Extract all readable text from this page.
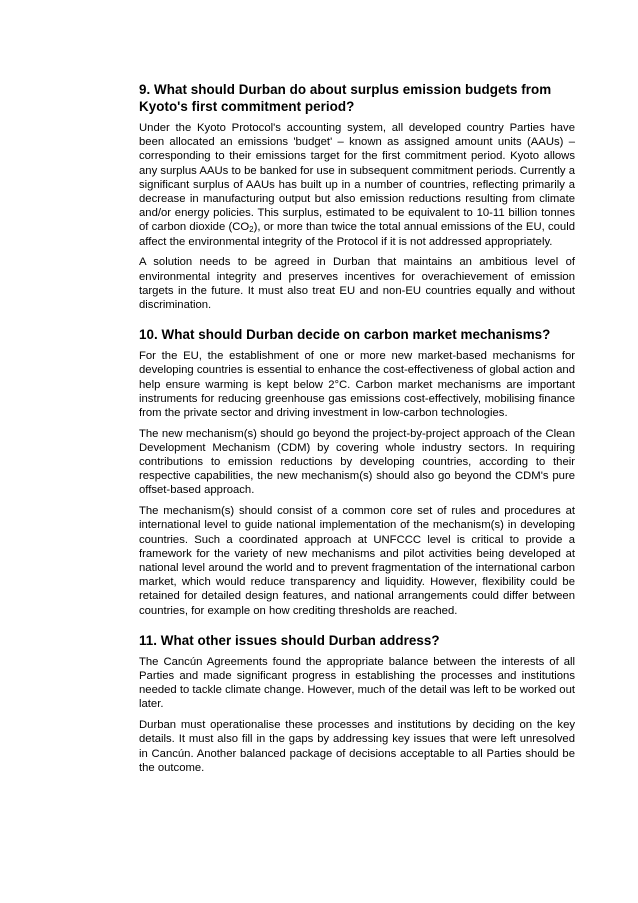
9. What should Durban do about surplus emission budgets from Kyoto's first commitment period?

Under the Kyoto Protocol's accounting system, all developed country Parties have been allocated an emissions 'budget' – known as assigned amount units (AAUs) – corresponding to their emissions target for the first commitment period. Kyoto allows any surplus AAUs to be banked for use in subsequent commitment periods. Currently a significant surplus of AAUs has built up in a number of countries, reflecting primarily a decrease in manufacturing output but also emission reductions resulting from climate and/or energy policies. This surplus, estimated to be equivalent to 10-11 billion tonnes of carbon dioxide $(CO_2)$, or more than twice the total annual emissions of the EU, could affect the environmental integrity of the Protocol if it is not addressed appropriately.

A solution needs to be agreed in Durban that maintains an ambitious level of environmental integrity and preserves incentives for overachievement of emission targets in the future. It must also treat EU and non-EU countries equally and without discrimination.

10. What should Durban decide on carbon market mechanisms?

For the EU, the establishment of one or more new market-based mechanisms for developing countries is essential to enhance the cost-effectiveness of global action and help ensure warming is kept below 2°C. Carbon market mechanisms are important instruments for reducing greenhouse gas emissions cost-effectively, mobilising finance from the private sector and driving investment in low-carbon technologies.

The new mechanism(s) should go beyond the project-by-project approach of the Clean Development Mechanism (CDM) by covering whole industry sectors. In requiring contributions to emission reductions by developing countries, according to their respective capabilities, the new mechanism(s) should also go beyond the CDM's pure offset-based approach.

The mechanism(s) should consist of a common core set of rules and procedures at international level to guide national implementation of the mechanism(s) in developing countries. Such a coordinated approach at UNFCCC level is critical to provide a framework for the variety of new mechanisms and pilot activities being developed at national level around the world and to prevent fragmentation of the international carbon market, which would reduce transparency and liquidity. However, flexibility could be retained for detailed design features, and national arrangements could differ between countries, for example on how crediting thresholds are reached.

11. What other issues should Durban address?

The Cancún Agreements found the appropriate balance between the interests of all Parties and made significant progress in establishing the processes and institutions needed to tackle climate change. However, much of the detail was left to be worked out later.

Durban must operationalise these processes and institutions by deciding on the key details. It must also fill in the gaps by addressing key issues that were left unresolved in Cancún. Another balanced package of decisions acceptable to all Parties should be the outcome.
